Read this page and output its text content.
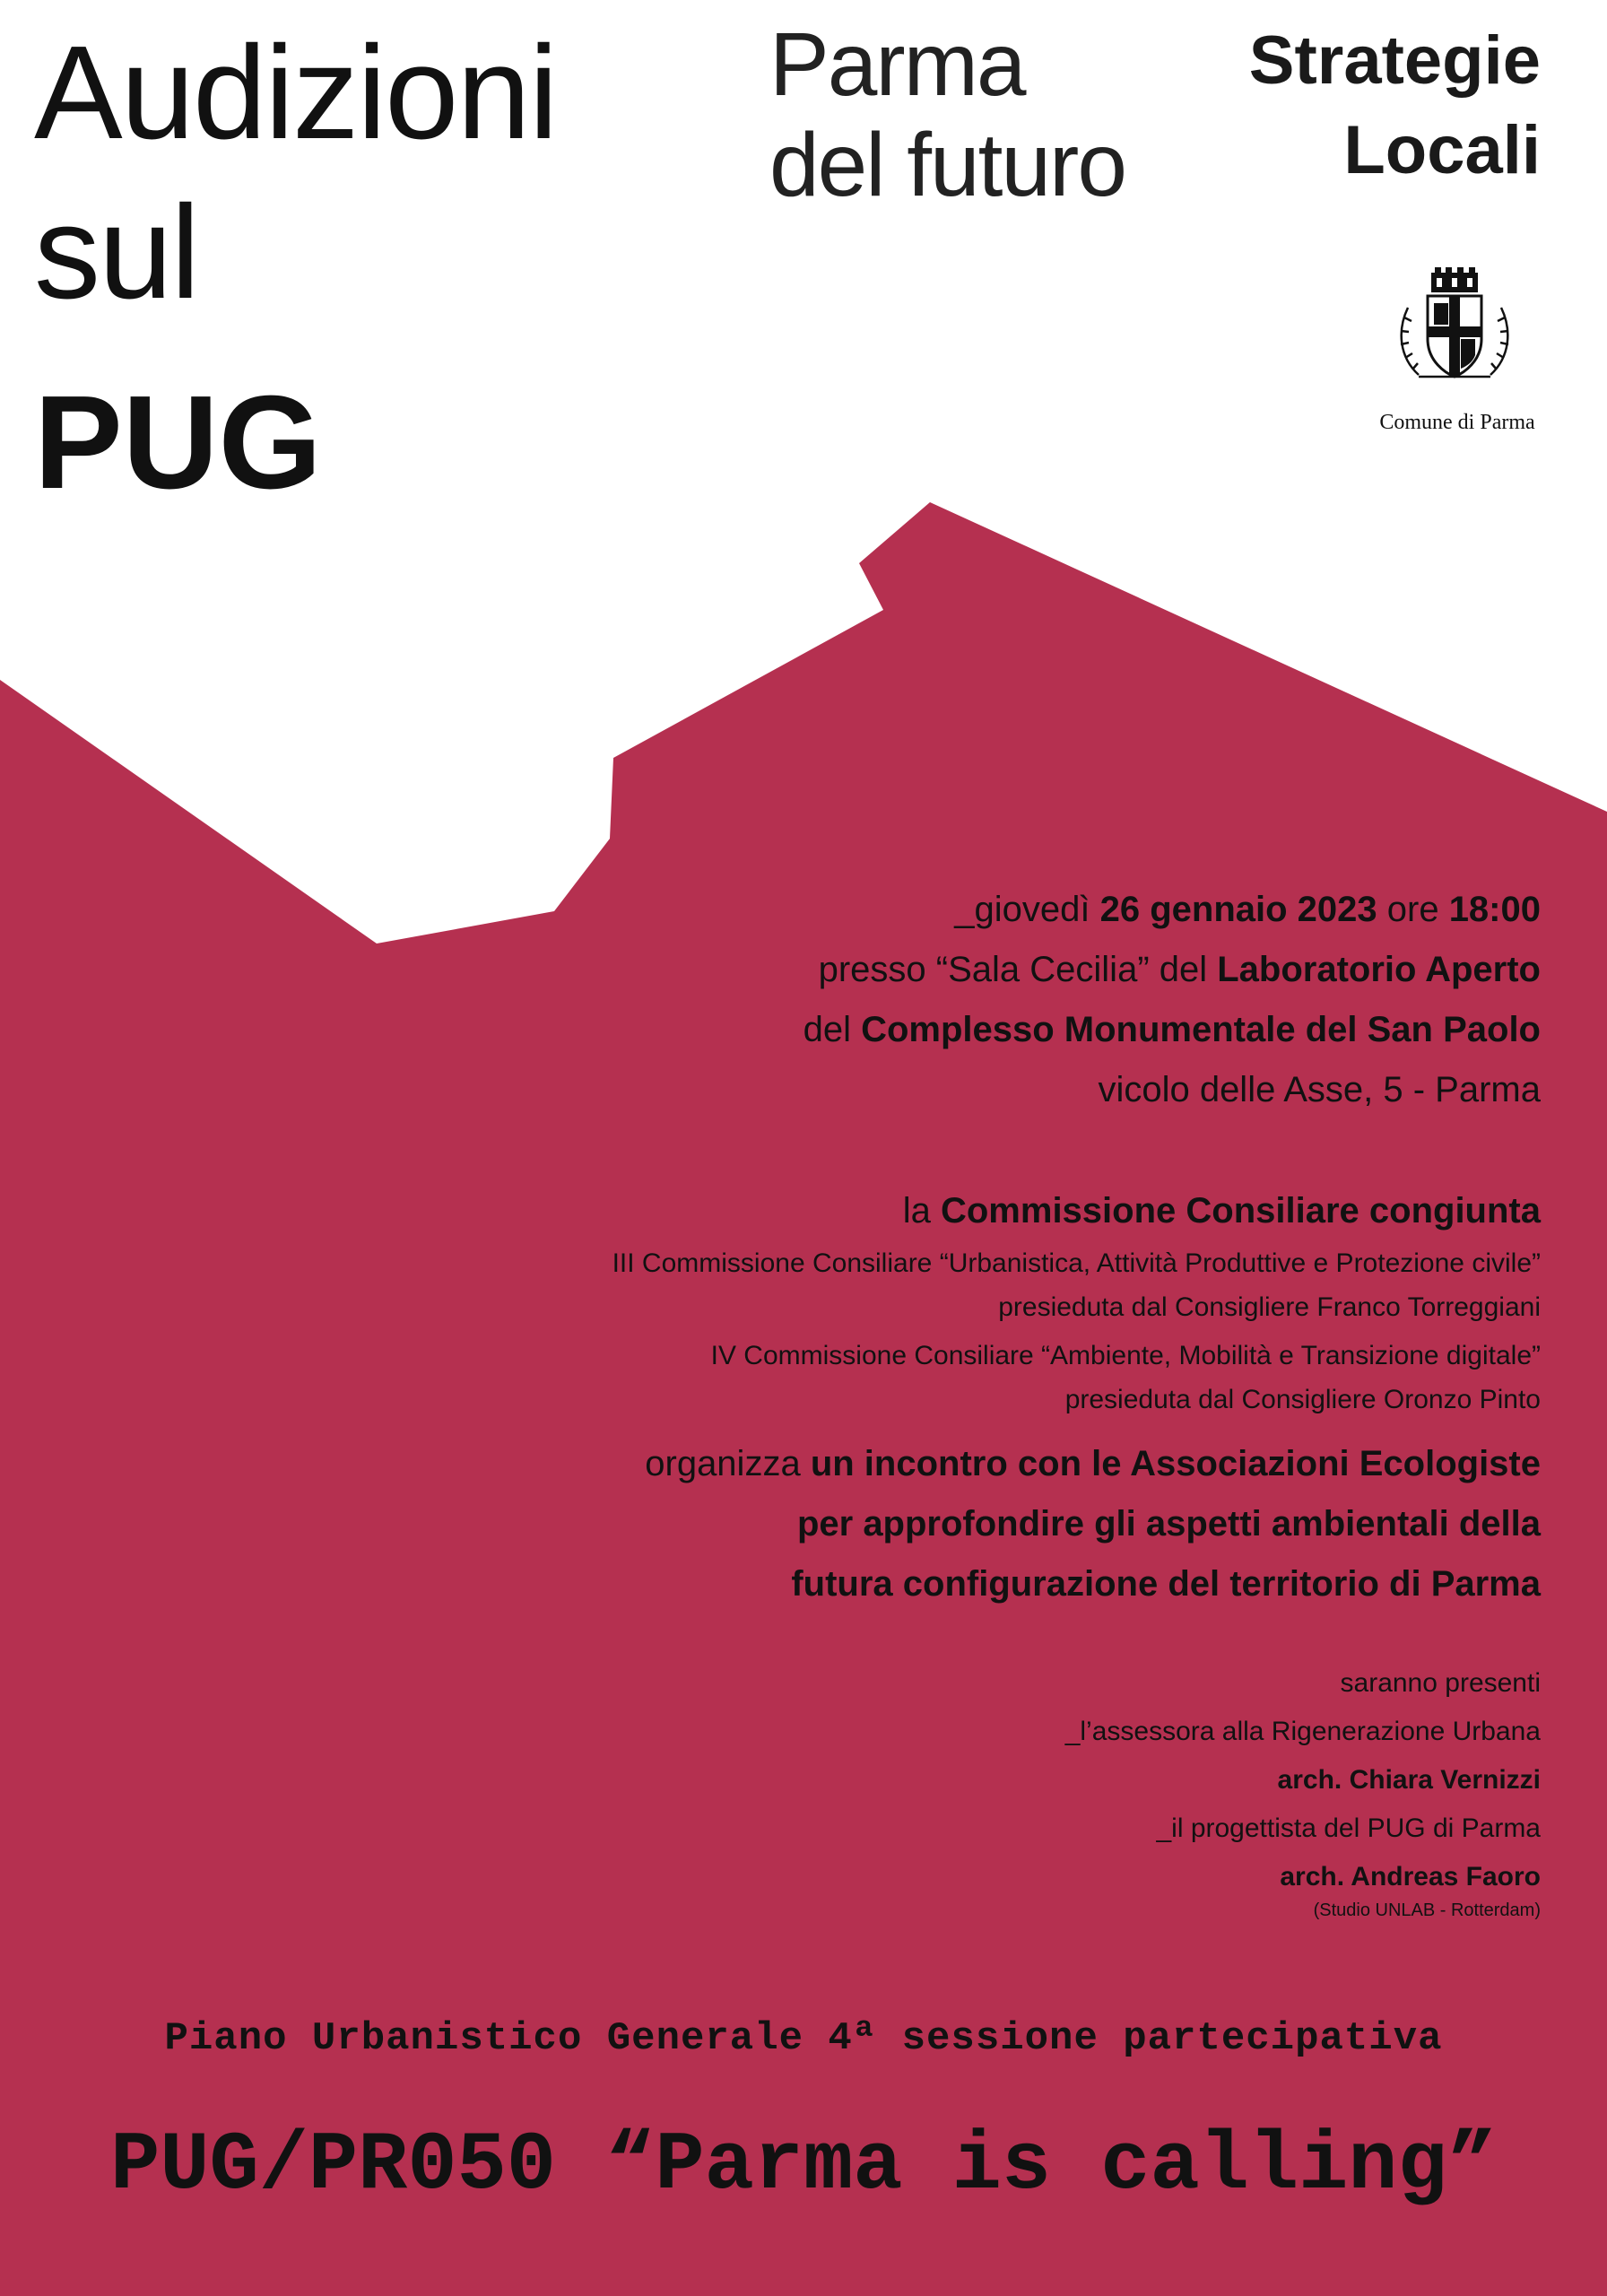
Audizioni
sul
PUG
Parma
del futuro
Strategie
Locali
Comune di Parma
_giovedì 26 gennaio 2023 ore 18:00
presso “Sala Cecilia” del Laboratorio Aperto
del Complesso Monumentale del San Paolo
vicolo delle Asse, 5 - Parma
la Commissione Consiliare congiunta
III Commissione Consiliare “Urbanistica, Attività Produttive e Protezione civile”
presieduta dal Consigliere Franco Torreggiani
IV Commissione Consiliare “Ambiente, Mobilità e Transizione digitale”
presieduta dal Consigliere Oronzo Pinto
organizza un incontro con le Associazioni Ecologiste
per approfondire gli aspetti ambientali della
futura configurazione del territorio di Parma
saranno presenti
_l’assessora alla Rigenerazione Urbana
arch. Chiara Vernizzi
_il progettista del PUG di Parma
arch. Andreas Faoro
(Studio UNLAB - Rotterdam)
Piano Urbanistico Generale 4ª sessione partecipativa
PUG/PR050 “Parma is calling”
